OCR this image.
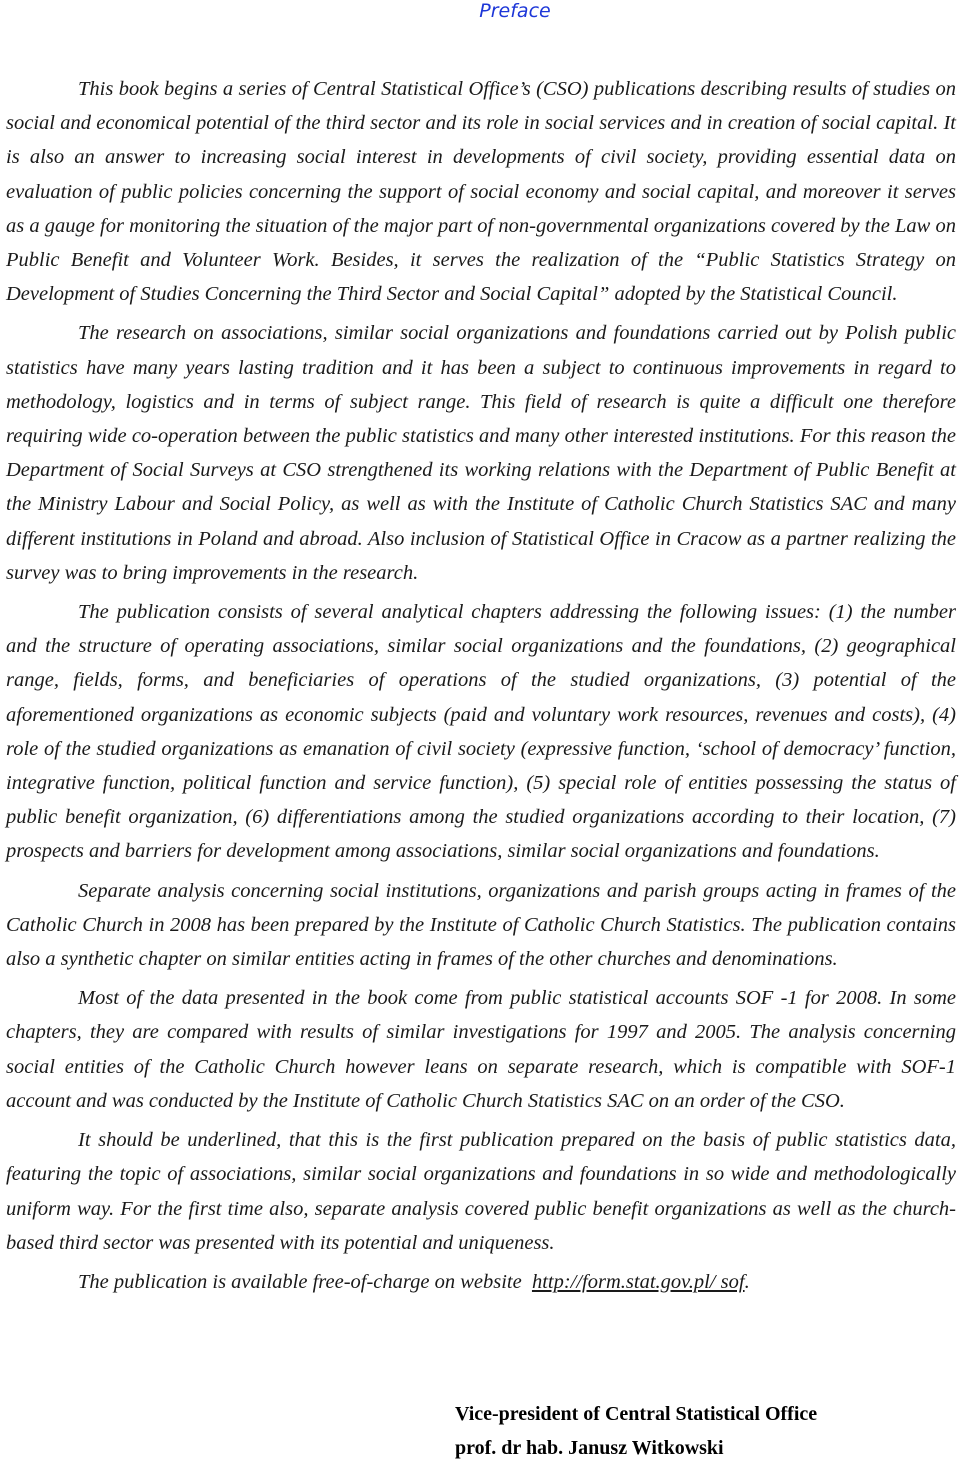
Preface

This book begins a series of Central Statistical Office’s (CSO) publications describing results of studies on social and economical potential of the third sector and its role in social services and in creation of social capital. It is also an answer to increasing social interest in developments of civil society, providing essential data on evaluation of public policies concerning the support of social economy and social capital, and moreover it serves as a gauge for monitoring the situation of the major part of non-governmental organizations covered by the Law on Public Benefit and Volunteer Work. Besides, it serves the realization of the “Public Statistics Strategy on Development of Studies Concerning the Third Sector and Social Capital” adopted by the Statistical Council.

The research on associations, similar social organizations and foundations carried out by Polish public statistics have many years lasting tradition and it has been a subject to continuous improvements in regard to methodology, logistics and in terms of subject range. This field of research is quite a difficult one therefore requiring wide co-operation between the public statistics and many other interested institutions. For this reason the Department of Social Surveys at CSO strengthened its working relations with the Department of Public Benefit at the Ministry Labour and Social Policy, as well as with the Institute of Catholic Church Statistics SAC and many different institutions in Poland and abroad. Also inclusion of Statistical Office in Cracow as a partner realizing the survey was to bring improvements in the research.

The publication consists of several analytical chapters addressing the following issues: (1) the number and the structure of operating associations, similar social organizations and the foundations, (2) geographical range, fields, forms, and beneficiaries of operations of the studied organizations, (3) potential of the aforementioned organizations as economic subjects (paid and voluntary work resources, revenues and costs), (4) role of the studied organizations as emanation of civil society (expressive function, ‘school of democracy’ function, integrative function, political function and service function), (5) special role of entities possessing the status of public benefit organization, (6) differentiations among the studied organizations according to their location, (7) prospects and barriers for development among associations, similar social organizations and foundations.

Separate analysis concerning social institutions, organizations and parish groups acting in frames of the Catholic Church in 2008 has been prepared by the Institute of Catholic Church Statistics. The publication contains also a synthetic chapter on similar entities acting in frames of the other churches and denominations.

Most of the data presented in the book come from public statistical accounts SOF -1 for 2008. In some chapters, they are compared with results of similar investigations for 1997 and 2005. The analysis concerning social entities of the Catholic Church however leans on separate research, which is compatible with SOF-1 account and was conducted by the Institute of Catholic Church Statistics SAC on an order of the CSO.

It should be underlined, that this is the first publication prepared on the basis of public statistics data, featuring the topic of associations, similar social organizations and foundations in so wide and methodologically uniform way. For the first time also, separate analysis covered public benefit organizations as well as the church-based third sector was presented with its potential and uniqueness.

The publication is available free-of-charge on website http://form.stat.gov.pl/ sof.

Vice-president of Central Statistical Office
prof. dr hab. Janusz Witkowski
